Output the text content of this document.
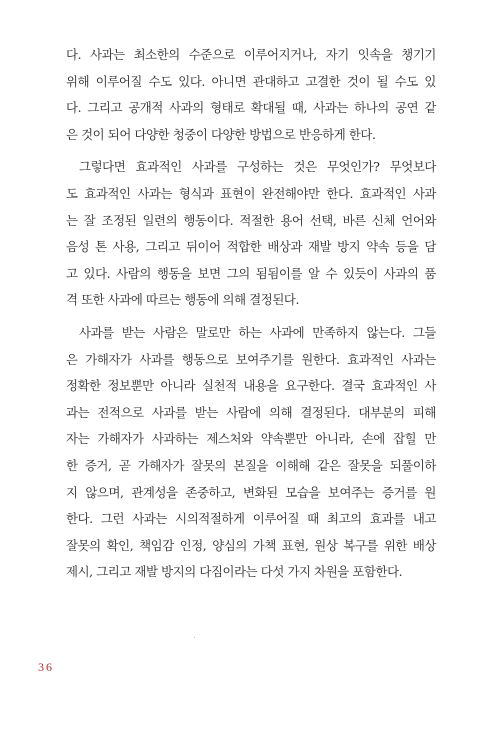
다. 사과는 최소한의 수준으로 이루어지거나, 자기 잇속을 챙기기
위해 이루어질 수도 있다. 아니면 관대하고 고결한 것이 될 수도 있
다. 그리고 공개적 사과의 형태로 확대될 때, 사과는 하나의 공연 같
은 것이 되어 다양한 청중이 다양한 방법으로 반응하게 한다.
그렇다면 효과적인 사과를 구성하는 것은 무엇인가? 무엇보다
도 효과적인 사과는 형식과 표현이 완전해야만 한다. 효과적인 사과
는 잘 조정된 일련의 행동이다. 적절한 용어 선택, 바른 신체 언어와
음성 톤 사용, 그리고 뒤이어 적합한 배상과 재발 방지 약속 등을 담
고 있다. 사람의 행동을 보면 그의 됨됨이를 알 수 있듯이 사과의 품
격 또한 사과에 따르는 행동에 의해 결정된다.
사과를 받는 사람은 말로만 하는 사과에 만족하지 않는다. 그들
은 가해자가 사과를 행동으로 보여주기를 원한다. 효과적인 사과는
정확한 정보뿐만 아니라 실천적 내용을 요구한다. 결국 효과적인 사
과는 전적으로 사과를 받는 사람에 의해 결정된다. 대부분의 피해
자는 가해자가 사과하는 제스처와 약속뿐만 아니라, 손에 잡힐 만
한 증거, 곧 가해자가 잘못의 본질을 이해해 같은 잘못을 되풀이하
지 않으며, 관계성을 존중하고, 변화된 모습을 보여주는 증거를 원
한다. 그런 사과는 시의적절하게 이루어질 때 최고의 효과를 내고
잘못의 확인, 책임감 인정, 양심의 가책 표현, 원상 복구를 위한 배상
제시, 그리고 재발 방지의 다짐이라는 다섯 가지 차원을 포함한다.
36
